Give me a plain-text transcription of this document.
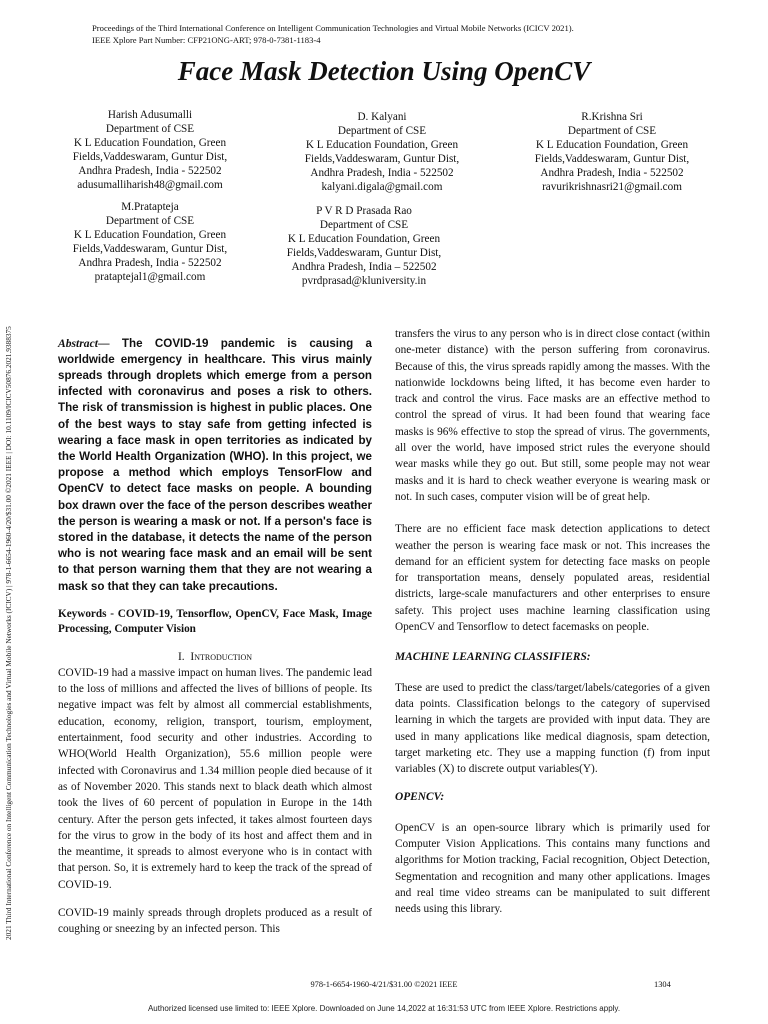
Proceedings of the Third International Conference on Intelligent Communication Technologies and Virtual Mobile Networks (ICICV 2021).
IEEE Xplore Part Number: CFP21ONG-ART; 978-0-7381-1183-4
2021 Third International Conference on Intelligent Communication Technologies and Virtual Mobile Networks (ICICV) | 978-1-6654-1960-4/20/$31.00 ©2021 IEEE | DOI: 10.1109/ICICV50876.2021.9388375
Face Mask Detection Using OpenCV
Harish Adusumalli
Department of CSE
K L Education Foundation, Green
Fields,Vaddeswaram, Guntur Dist,
Andhra Pradesh, India - 522502
adusumalliharish48@gmail.com
D. Kalyani
Department of CSE
K L Education Foundation, Green
Fields,Vaddeswaram, Guntur Dist,
Andhra Pradesh, India - 522502
kalyani.digala@gmail.com
R.Krishna Sri
Department of CSE
K L Education Foundation, Green
Fields,Vaddeswaram, Guntur Dist,
Andhra Pradesh, India - 522502
ravurikrishnasri21@gmail.com
M.Pratapteja
Department of CSE
K L Education Foundation, Green
Fields,Vaddeswaram, Guntur Dist,
Andhra Pradesh, India - 522502
prataptejal1@gmail.com
P V R D Prasada Rao
Department of CSE
K L Education Foundation, Green
Fields,Vaddeswaram, Guntur Dist,
Andhra Pradesh, India – 522502
pvrdprasad@kluniversity.in

Abstract— The COVID-19 pandemic is causing a worldwide emergency in healthcare. This virus mainly spreads through droplets which emerge from a person infected with coronavirus and poses a risk to others. The risk of transmission is highest in public places. One of the best ways to stay safe from getting infected is wearing a face mask in open territories as indicated by the World Health Organization (WHO). In this project, we propose a method which employs TensorFlow and OpenCV to detect face masks on people. A bounding box drawn over the face of the person describes weather the person is wearing a mask or not. If a person's face is stored in the database, it detects the name of the person who is not wearing face mask and an email will be sent to that person warning them that they are not wearing a mask so that they can take precautions.

Keywords - COVID-19, Tensorflow, OpenCV, Face Mask, Image Processing, Computer Vision

I. Introduction

COVID-19 had a massive impact on human lives. The pandemic lead to the loss of millions and affected the lives of billions of people. Its negative impact was felt by almost all commercial establishments, education, economy, religion, transport, tourism, employment, entertainment, food security and other industries. According to WHO(World Health Organization), 55.6 million people were infected with Coronavirus and 1.34 million people died because of it as of November 2020. This stands next to black death which almost took the lives of 60 percent of population in Europe in the 14th century. After the person gets infected, it takes almost fourteen days for the virus to grow in the body of its host and affect them and in the meantime, it spreads to almost everyone who is in contact with that person. So, it is extremely hard to keep the track of the spread of COVID-19.

COVID-19 mainly spreads through droplets produced as a result of coughing or sneezing by an infected person. This

transfers the virus to any person who is in direct close contact (within one-meter distance) with the person suffering from coronavirus. Because of this, the virus spreads rapidly among the masses. With the nationwide lockdowns being lifted, it has become even harder to track and control the virus. Face masks are an effective method to control the spread of virus. It had been found that wearing face masks is 96% effective to stop the spread of virus. The governments, all over the world, have imposed strict rules the everyone should wear masks while they go out. But still, some people may not wear masks and it is hard to check weather everyone is wearing mask or not. In such cases, computer vision will be of great help.

There are no efficient face mask detection applications to detect weather the person is wearing face mask or not. This increases the demand for an efficient system for detecting face masks on people for transportation means, densely populated areas, residential districts, large-scale manufacturers and other enterprises to ensure safety. This project uses machine learning classification using OpenCV and Tensorflow to detect facemasks on people.

MACHINE LEARNING CLASSIFIERS:

These are used to predict the class/target/labels/categories of a given data points. Classification belongs to the category of supervised learning in which the targets are provided with input data. They are used in many applications like medical diagnosis, spam detection, target marketing etc. They use a mapping function (f) from input variables (X) to discrete output variables(Y).

OPENCV:

OpenCV is an open-source library which is primarily used for Computer Vision Applications. This contains many functions and algorithms for Motion tracking, Facial recognition, Object Detection, Segmentation and recognition and many other applications. Images and real time video streams can be manipulated to suit different needs using this library.

978-1-6654-1960-4/21/$31.00 ©2021 IEEE	1304
Authorized licensed use limited to: IEEE Xplore. Downloaded on June 14,2022 at 16:31:53 UTC from IEEE Xplore. Restrictions apply.
